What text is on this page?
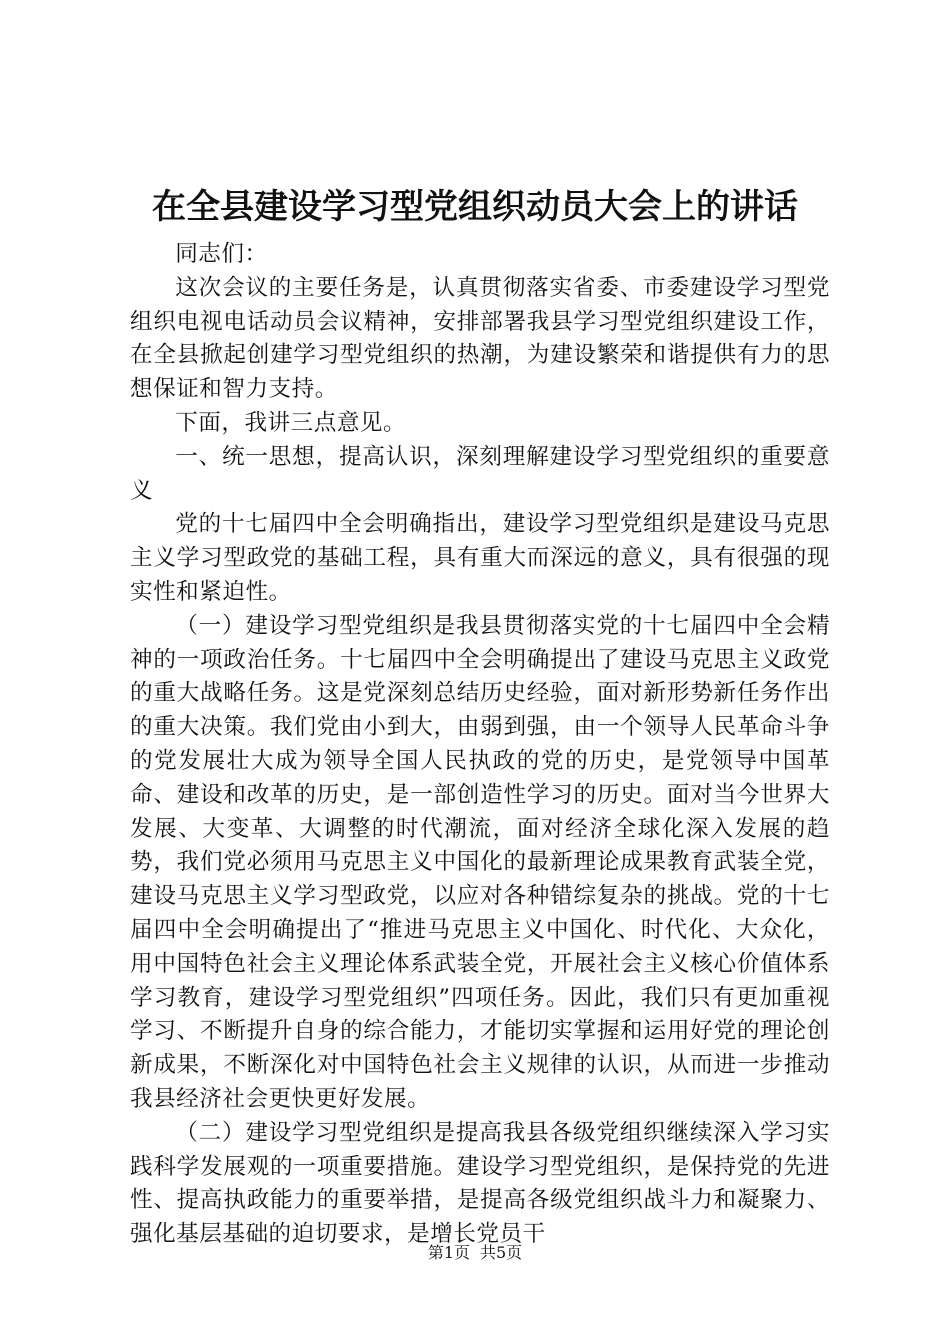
在全县建设学习型党组织动员大会上的讲话

同志们：

这次会议的主要任务是，认真贯彻落实省委、市委建设学习型党组织电视电话动员会议精神，安排部署我县学习型党组织建设工作，在全县掀起创建学习型党组织的热潮，为建设繁荣和谐提供有力的思想保证和智力支持。

下面，我讲三点意见。

一、统一思想，提高认识，深刻理解建设学习型党组织的重要意义

党的十七届四中全会明确指出，建设学习型党组织是建设马克思主义学习型政党的基础工程，具有重大而深远的意义，具有很强的现实性和紧迫性。

（一）建设学习型党组织是我县贯彻落实党的十七届四中全会精神的一项政治任务。十七届四中全会明确提出了建设马克思主义政党的重大战略任务。这是党深刻总结历史经验，面对新形势新任务作出的重大决策。我们党由小到大，由弱到强，由一个领导人民革命斗争的党发展壮大成为领导全国人民执政的党的历史，是党领导中国革命、建设和改革的历史，是一部创造性学习的历史。面对当今世界大发展、大变革、大调整的时代潮流，面对经济全球化深入发展的趋势，我们党必须用马克思主义中国化的最新理论成果教育武装全党，建设马克思主义学习型政党，以应对各种错综复杂的挑战。党的十七届四中全会明确提出了“推进马克思主义中国化、时代化、大众化，用中国特色社会主义理论体系武装全党，开展社会主义核心价值体系学习教育，建设学习型党组织”四项任务。因此，我们只有更加重视学习、不断提升自身的综合能力，才能切实掌握和运用好党的理论创新成果，不断深化对中国特色社会主义规律的认识，从而进一步推动我县经济社会更快更好发展。

（二）建设学习型党组织是提高我县各级党组织继续深入学习实践科学发展观的一项重要措施。建设学习型党组织，是保持党的先进性、提高执政能力的重要举措，是提高各级党组织战斗力和凝聚力、强化基层基础的迫切要求，是增长党员干

第1页 共5页
